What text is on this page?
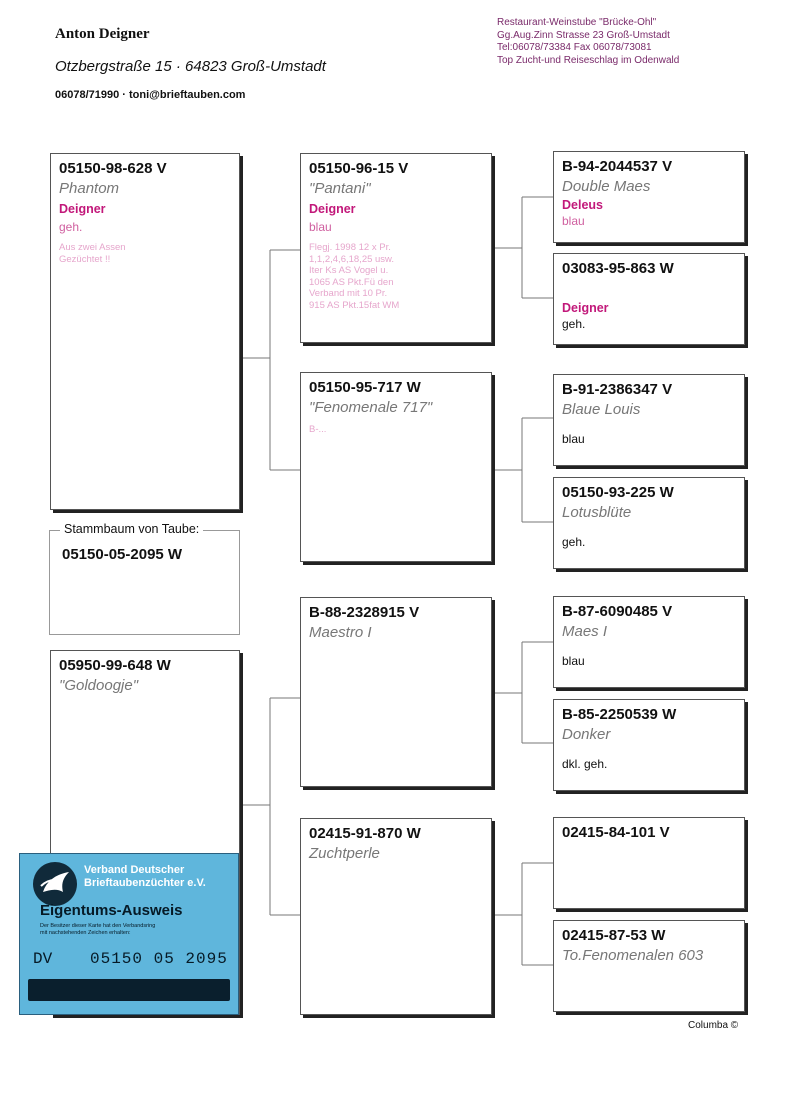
Anton Deigner
Otzbergstraße 15 · 64823 Groß-Umstadt
06078/71990 · toni@brieftauben.com
Restaurant-Weinstube "Brücke-Ohl"
Gg.Aug.Zinn Strasse 23 Groß-Umstadt
Tel:06078/73384 Fax 06078/73081
Top Zucht-und Reiseschlag im Odenwald
05150-98-628 V
Phantom
Deigner
geh.
Aus zwei Assen
Gezüchtet !!
Stammbaum von Taube:
05150-05-2095 W
05950-99-648 W
"Goldoogje"
05150-96-15 V
"Pantani"
Deigner
blau
Flegj. 1998 12 x Pr.
1,1,2,4,6,18,25 usw.
Iter Ks AS Vogel u.
1065 AS Pkt.Fü den
Verband mit 10 Pr.
915 AS Pkt.15fat WM
05150-95-717 W
"Fenomenale 717"
B-...
B-88-2328915 V
Maestro I
02415-91-870 W
Zuchtperle
B-94-2044537 V
Double Maes
Deleus
blau
03083-95-863 W
Deigner
geh.
B-91-2386347 V
Blaue Louis
blau
05150-93-225 W
Lotusblüte
geh.
B-87-6090485 V
Maes I
blau
B-85-2250539 W
Donker
dkl. geh.
02415-84-101 V
02415-87-53 W
To.Fenomenalen 603
Columba ©
Verband Deutscher
Brieftaubenzüchter e.V.
Eigentums-Ausweis
Der Besitzer dieser Karte hat den Verbandsring
mit nachstehenden Zeichen erhalten:
DV 05150 05 2095
